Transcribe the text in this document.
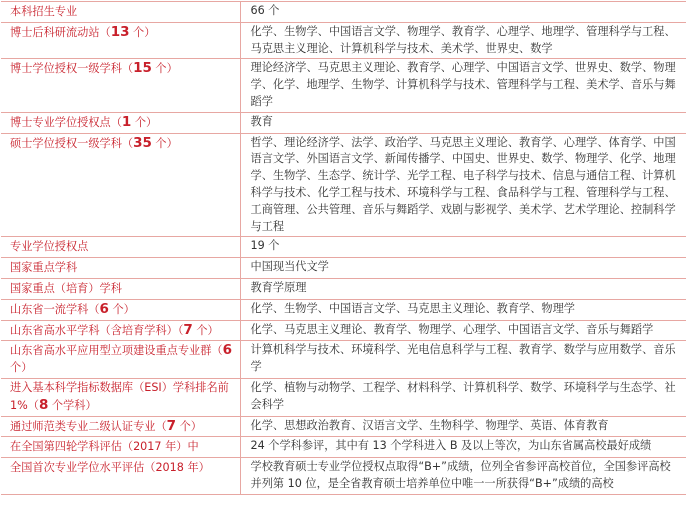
本科招生专业	66 个
博士后科研流动站（13 个）	化学、生物学、中国语言文学、物理学、教育学、心理学、地理学、管理科学与工程、马克思主义理论、计算机科学与技术、美术学、世界史、数学
博士学位授权一级学科（15 个）	理论经济学、马克思主义理论、教育学、心理学、中国语言文学、世界史、数学、物理学、化学、地理学、生物学、计算机科学与技术、管理科学与工程、美术学、音乐与舞蹈学
博士专业学位授权点（1 个）	教育
硕士学位授权一级学科（35 个）	哲学、理论经济学、法学、政治学、马克思主义理论、教育学、心理学、体育学、中国语言文学、外国语言文学、新闻传播学、中国史、世界史、数学、物理学、化学、地理学、生物学、生态学、统计学、光学工程、电子科学与技术、信息与通信工程、计算机科学与技术、化学工程与技术、环境科学与工程、食品科学与工程、管理科学与工程、工商管理、公共管理、音乐与舞蹈学、戏剧与影视学、美术学、艺术学理论、控制科学与工程
专业学位授权点	19 个
国家重点学科	中国现当代文学
国家重点（培育）学科	教育学原理
山东省一流学科（6 个）	化学、生物学、中国语言文学、马克思主义理论、教育学、物理学
山东省高水平学科（含培育学科）（7 个）	化学、马克思主义理论、教育学、物理学、心理学、中国语言文学、音乐与舞蹈学
山东省高水平应用型立项建设重点专业群（6 个）	计算机科学与技术、环境科学、光电信息科学与工程、教育学、数学与应用数学、音乐学
进入基本科学指标数据库（ESI）学科排名前 1%（8 个学科）	化学、植物与动物学、工程学、材料科学、计算机科学、数学、环境科学与生态学、社会科学
通过师范类专业二级认证专业（7 个）	化学、思想政治教育、汉语言文学、生物科学、物理学、英语、体育教育
在全国第四轮学科评估（2017 年）中	24 个学科参评，其中有 13 个学科进入 B 及以上等次，为山东省属高校最好成绩
全国首次专业学位水平评估（2018 年）	学校教育硕士专业学位授权点取得“B+”成绩，位列全省参评高校首位，全国参评高校并列第 10 位，是全省教育硕士培养单位中唯一一所获得“B+”成绩的高校
